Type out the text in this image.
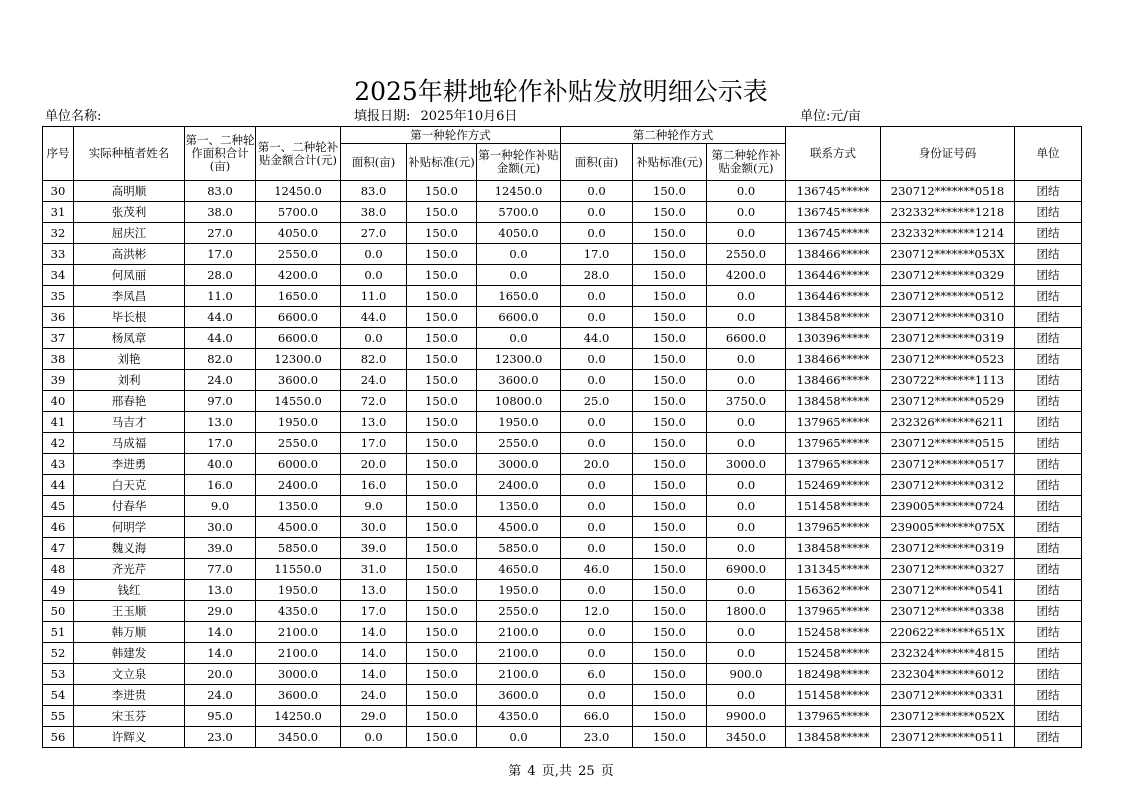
2025年耕地轮作补贴发放明细公示表
单位名称:	填报日期: 2025年10月6日	单位:元/亩
序号	实际种植者姓名	第一、二种轮作面积合计(亩)	第一、二种轮补贴金额合计(元)	第一种轮作方式			第二种轮作方式			联系方式	身份证号码	单位
				面积(亩)	补贴标准(元)	第一种轮作补贴金额(元)	面积(亩)	补贴标准(元)	第二种轮作补贴金额(元)			
30	高明顺	83.0	12450.0	83.0	150.0	12450.0	0.0	150.0	0.0	136745*****	230712*******0518	团结
31	张茂利	38.0	5700.0	38.0	150.0	5700.0	0.0	150.0	0.0	136745*****	232332*******1218	团结
32	屈庆江	27.0	4050.0	27.0	150.0	4050.0	0.0	150.0	0.0	136745*****	232332*******1214	团结
33	高洪彬	17.0	2550.0	0.0	150.0	0.0	17.0	150.0	2550.0	138466*****	230712*******053X	团结
34	何凤丽	28.0	4200.0	0.0	150.0	0.0	28.0	150.0	4200.0	136446*****	230712*******0329	团结
35	李凤昌	11.0	1650.0	11.0	150.0	1650.0	0.0	150.0	0.0	136446*****	230712*******0512	团结
36	毕长根	44.0	6600.0	44.0	150.0	6600.0	0.0	150.0	0.0	138458*****	230712*******0310	团结
37	杨凤章	44.0	6600.0	0.0	150.0	0.0	44.0	150.0	6600.0	130396*****	230712*******0319	团结
38	刘艳	82.0	12300.0	82.0	150.0	12300.0	0.0	150.0	0.0	138466*****	230712*******0523	团结
39	刘利	24.0	3600.0	24.0	150.0	3600.0	0.0	150.0	0.0	138466*****	230722*******1113	团结
40	邢春艳	97.0	14550.0	72.0	150.0	10800.0	25.0	150.0	3750.0	138458*****	230712*******0529	团结
41	马吉才	13.0	1950.0	13.0	150.0	1950.0	0.0	150.0	0.0	137965*****	232326*******6211	团结
42	马成福	17.0	2550.0	17.0	150.0	2550.0	0.0	150.0	0.0	137965*****	230712*******0515	团结
43	李进勇	40.0	6000.0	20.0	150.0	3000.0	20.0	150.0	3000.0	137965*****	230712*******0517	团结
44	白天克	16.0	2400.0	16.0	150.0	2400.0	0.0	150.0	0.0	152469*****	230712*******0312	团结
45	付春华	9.0	1350.0	9.0	150.0	1350.0	0.0	150.0	0.0	151458*****	239005*******0724	团结
46	何明学	30.0	4500.0	30.0	150.0	4500.0	0.0	150.0	0.0	137965*****	239005*******075X	团结
47	魏义海	39.0	5850.0	39.0	150.0	5850.0	0.0	150.0	0.0	138458*****	230712*******0319	团结
48	齐光芹	77.0	11550.0	31.0	150.0	4650.0	46.0	150.0	6900.0	131345*****	230712*******0327	团结
49	钱红	13.0	1950.0	13.0	150.0	1950.0	0.0	150.0	0.0	156362*****	230712*******0541	团结
50	王玉顺	29.0	4350.0	17.0	150.0	2550.0	12.0	150.0	1800.0	137965*****	230712*******0338	团结
51	韩万顺	14.0	2100.0	14.0	150.0	2100.0	0.0	150.0	0.0	152458*****	220622*******651X	团结
52	韩建发	14.0	2100.0	14.0	150.0	2100.0	0.0	150.0	0.0	152458*****	232324*******4815	团结
53	文立泉	20.0	3000.0	14.0	150.0	2100.0	6.0	150.0	900.0	182498*****	232304*******6012	团结
54	李进贵	24.0	3600.0	24.0	150.0	3600.0	0.0	150.0	0.0	151458*****	230712*******0331	团结
55	宋玉芬	95.0	14250.0	29.0	150.0	4350.0	66.0	150.0	9900.0	137965*****	230712*******052X	团结
56	许辉义	23.0	3450.0	0.0	150.0	0.0	23.0	150.0	3450.0	138458*****	230712*******0511	团结
第 4 页,共 25 页
